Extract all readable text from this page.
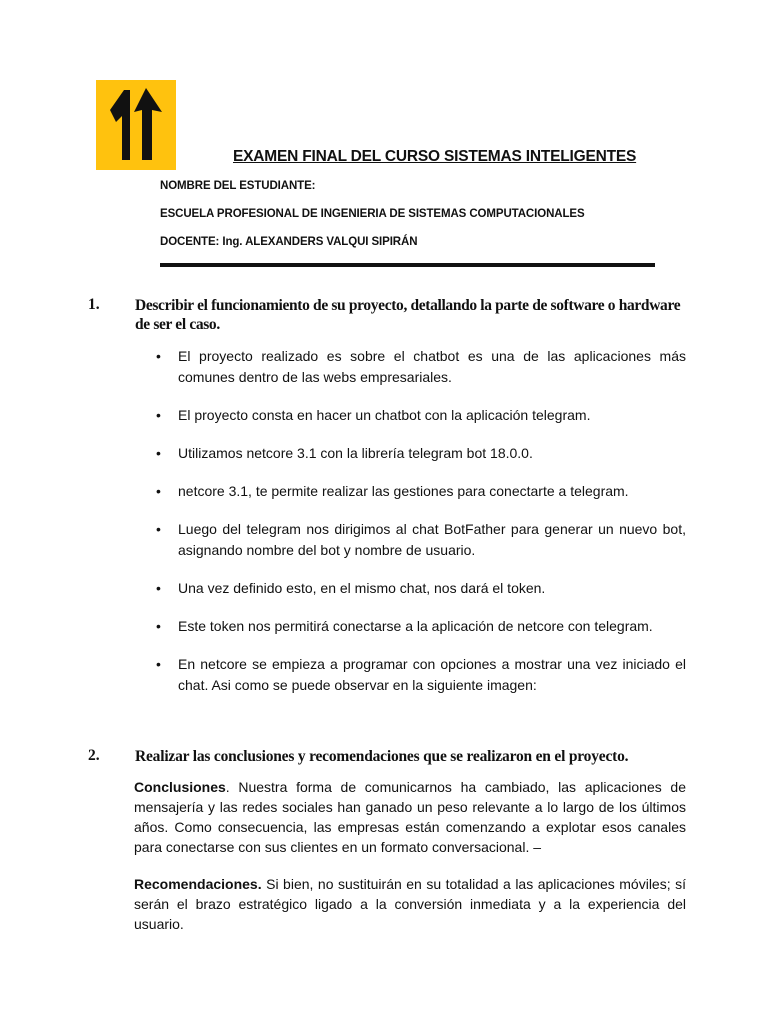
EXAMEN FINAL DEL CURSO SISTEMAS INTELIGENTES
NOMBRE DEL ESTUDIANTE:
ESCUELA PROFESIONAL DE INGENIERIA DE SISTEMAS COMPUTACIONALES
DOCENTE: Ing. ALEXANDERS VALQUI SIPIRÁN
1. Describir el funcionamiento de su proyecto, detallando la parte de software o hardware de ser el caso.
• El proyecto realizado es sobre el chatbot es una de las aplicaciones más comunes dentro de las webs empresariales.
• El proyecto consta en hacer un chatbot con la aplicación telegram.
• Utilizamos netcore 3.1 con la librería telegram bot 18.0.0.
• netcore 3.1, te permite realizar las gestiones para conectarte a telegram.
• Luego del telegram nos dirigimos al chat BotFather para generar un nuevo bot, asignando nombre del bot y nombre de usuario.
• Una vez definido esto, en el mismo chat, nos dará el token.
• Este token nos permitirá conectarse a la aplicación de netcore con telegram.
• En netcore se empieza a programar con opciones a mostrar una vez iniciado el chat. Asi como se puede observar en la siguiente imagen:
2. Realizar las conclusiones y recomendaciones que se realizaron en el proyecto.
Conclusiones. Nuestra forma de comunicarnos ha cambiado, las aplicaciones de mensajería y las redes sociales han ganado un peso relevante a lo largo de los últimos años. Como consecuencia, las empresas están comenzando a explotar esos canales para conectarse con sus clientes en un formato conversacional. –
Recomendaciones. Si bien, no sustituirán en su totalidad a las aplicaciones móviles; sí serán el brazo estratégico ligado a la conversión inmediata y a la experiencia del usuario.
